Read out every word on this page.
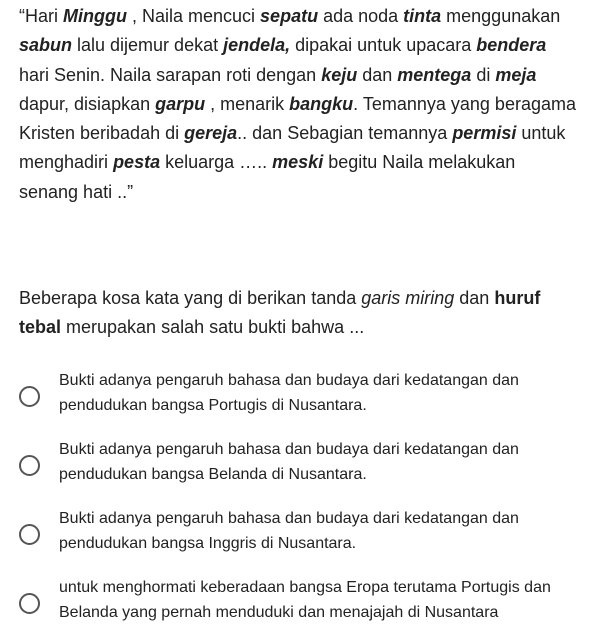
“Hari Minggu , Naila mencuci sepatu ada noda tinta menggunakan sabun lalu dijemur dekat jendela, dipakai untuk upacara bendera hari Senin. Naila sarapan roti dengan keju dan mentega di meja dapur, disiapkan garpu , menarik bangku. Temannya yang beragama Kristen beribadah di gereja.. dan Sebagian temannya permisi untuk menghadiri pesta keluarga ….. meski begitu Naila melakukan senang hati ..”

Beberapa kosa kata yang di berikan tanda garis miring dan huruf tebal merupakan salah satu bukti bahwa ...

Bukti adanya pengaruh bahasa dan budaya dari kedatangan dan pendudukan bangsa Portugis di Nusantara.
Bukti adanya pengaruh bahasa dan budaya dari kedatangan dan pendudukan bangsa Belanda di Nusantara.
Bukti adanya pengaruh bahasa dan budaya dari kedatangan dan pendudukan bangsa Inggris di Nusantara.
untuk menghormati keberadaan bangsa Eropa terutama Portugis dan Belanda yang pernah menduduki dan menajajah di Nusantara
